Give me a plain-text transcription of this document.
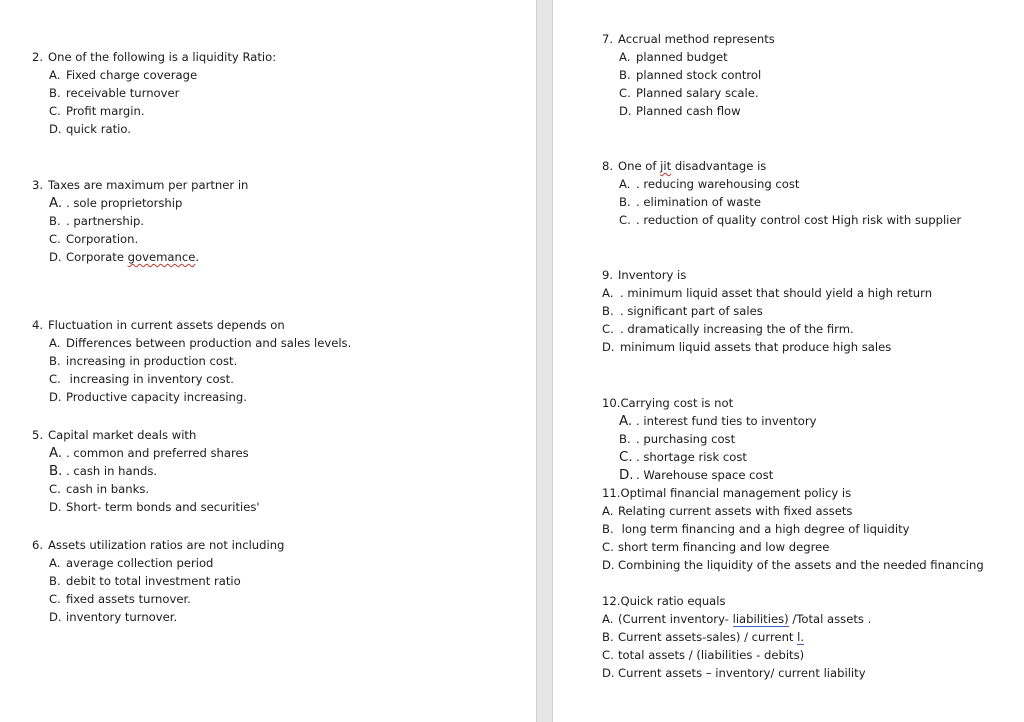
2. One of the following is a liquidity Ratio:
A. Fixed charge coverage
B. receivable turnover
C. Profit margin.
D. quick ratio.
3. Taxes are maximum per partner in
A. . sole proprietorship
B. . partnership.
C. Corporation.
D. Corporate govemance.
4. Fluctuation in current assets depends on
A. Differences between production and sales levels.
B. increasing in production cost.
C. increasing in inventory cost.
D. Productive capacity increasing.
5. Capital market deals with
A. . common and preferred shares
B. . cash in hands.
C. cash in banks.
D. Short- term bonds and securities'
6. Assets utilization ratios are not including
A. average collection period
B. debit to total investment ratio
C. fixed assets turnover.
D. inventory turnover.
7. Accrual method represents
A. planned budget
B. planned stock control
C. Planned salary scale.
D. Planned cash flow
8. One of jit disadvantage is
A. . reducing warehousing cost
B. . elimination of waste
C. . reduction of quality control cost High risk with supplier
9. Inventory is
A. . minimum liquid asset that should yield a high return
B. . significant part of sales
C. . dramatically increasing the of the firm.
D. minimum liquid assets that produce high sales
10.Carrying cost is not
A. . interest fund ties to inventory
B. . purchasing cost
C. . shortage risk cost
D. . Warehouse space cost
11.Optimal financial management policy is
A. Relating current assets with fixed assets
B. long term financing and a high degree of liquidity
C. short term financing and low degree
D. Combining the liquidity of the assets and the needed financing
12.Quick ratio equals
A. (Current inventory- liabilities) /Total assets .
B. Current assets-sales) / current l.
C. total assets / (liabilities - debits)
D. Current assets – inventory/ current liability
